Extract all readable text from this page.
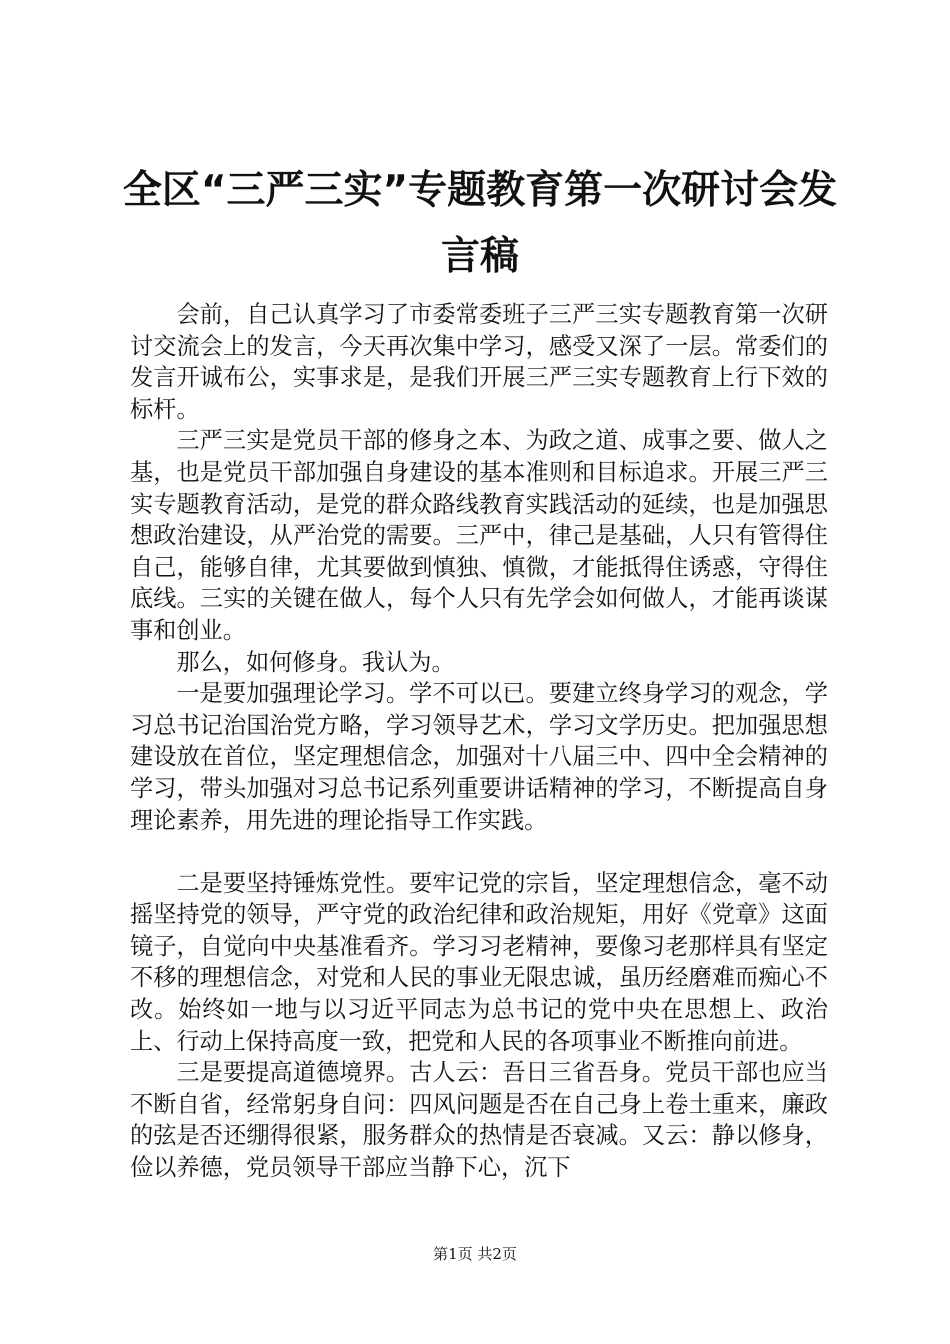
全区“三严三实”专题教育第一次研讨会发言稿

会前，自己认真学习了市委常委班子三严三实专题教育第一次研讨交流会上的发言，今天再次集中学习，感受又深了一层。常委们的发言开诚布公，实事求是，是我们开展三严三实专题教育上行下效的标杆。

三严三实是党员干部的修身之本、为政之道、成事之要、做人之基，也是党员干部加强自身建设的基本准则和目标追求。开展三严三实专题教育活动，是党的群众路线教育实践活动的延续，也是加强思想政治建设，从严治党的需要。三严中，律己是基础，人只有管得住自己，能够自律，尤其要做到慎独、慎微，才能抵得住诱惑，守得住底线。三实的关键在做人，每个人只有先学会如何做人，才能再谈谋事和创业。

那么，如何修身。我认为。

一是要加强理论学习。学不可以已。要建立终身学习的观念，学习总书记治国治党方略，学习领导艺术，学习文学历史。把加强思想建设放在首位，坚定理想信念，加强对十八届三中、四中全会精神的学习，带头加强对习总书记系列重要讲话精神的学习，不断提高自身理论素养，用先进的理论指导工作实践。

二是要坚持锤炼党性。要牢记党的宗旨，坚定理想信念，毫不动摇坚持党的领导，严守党的政治纪律和政治规矩，用好《党章》这面镜子，自觉向中央基准看齐。学习习老精神，要像习老那样具有坚定不移的理想信念，对党和人民的事业无限忠诚，虽历经磨难而痴心不改。始终如一地与以习近平同志为总书记的党中央在思想上、政治上、行动上保持高度一致，把党和人民的各项事业不断推向前进。

三是要提高道德境界。古人云：吾日三省吾身。党员干部也应当不断自省，经常躬身自问：四风问题是否在自己身上卷土重来，廉政的弦是否还绷得很紧，服务群众的热情是否衰减。又云：静以修身，俭以养德，党员领导干部应当静下心，沉下

第1页 共2页
